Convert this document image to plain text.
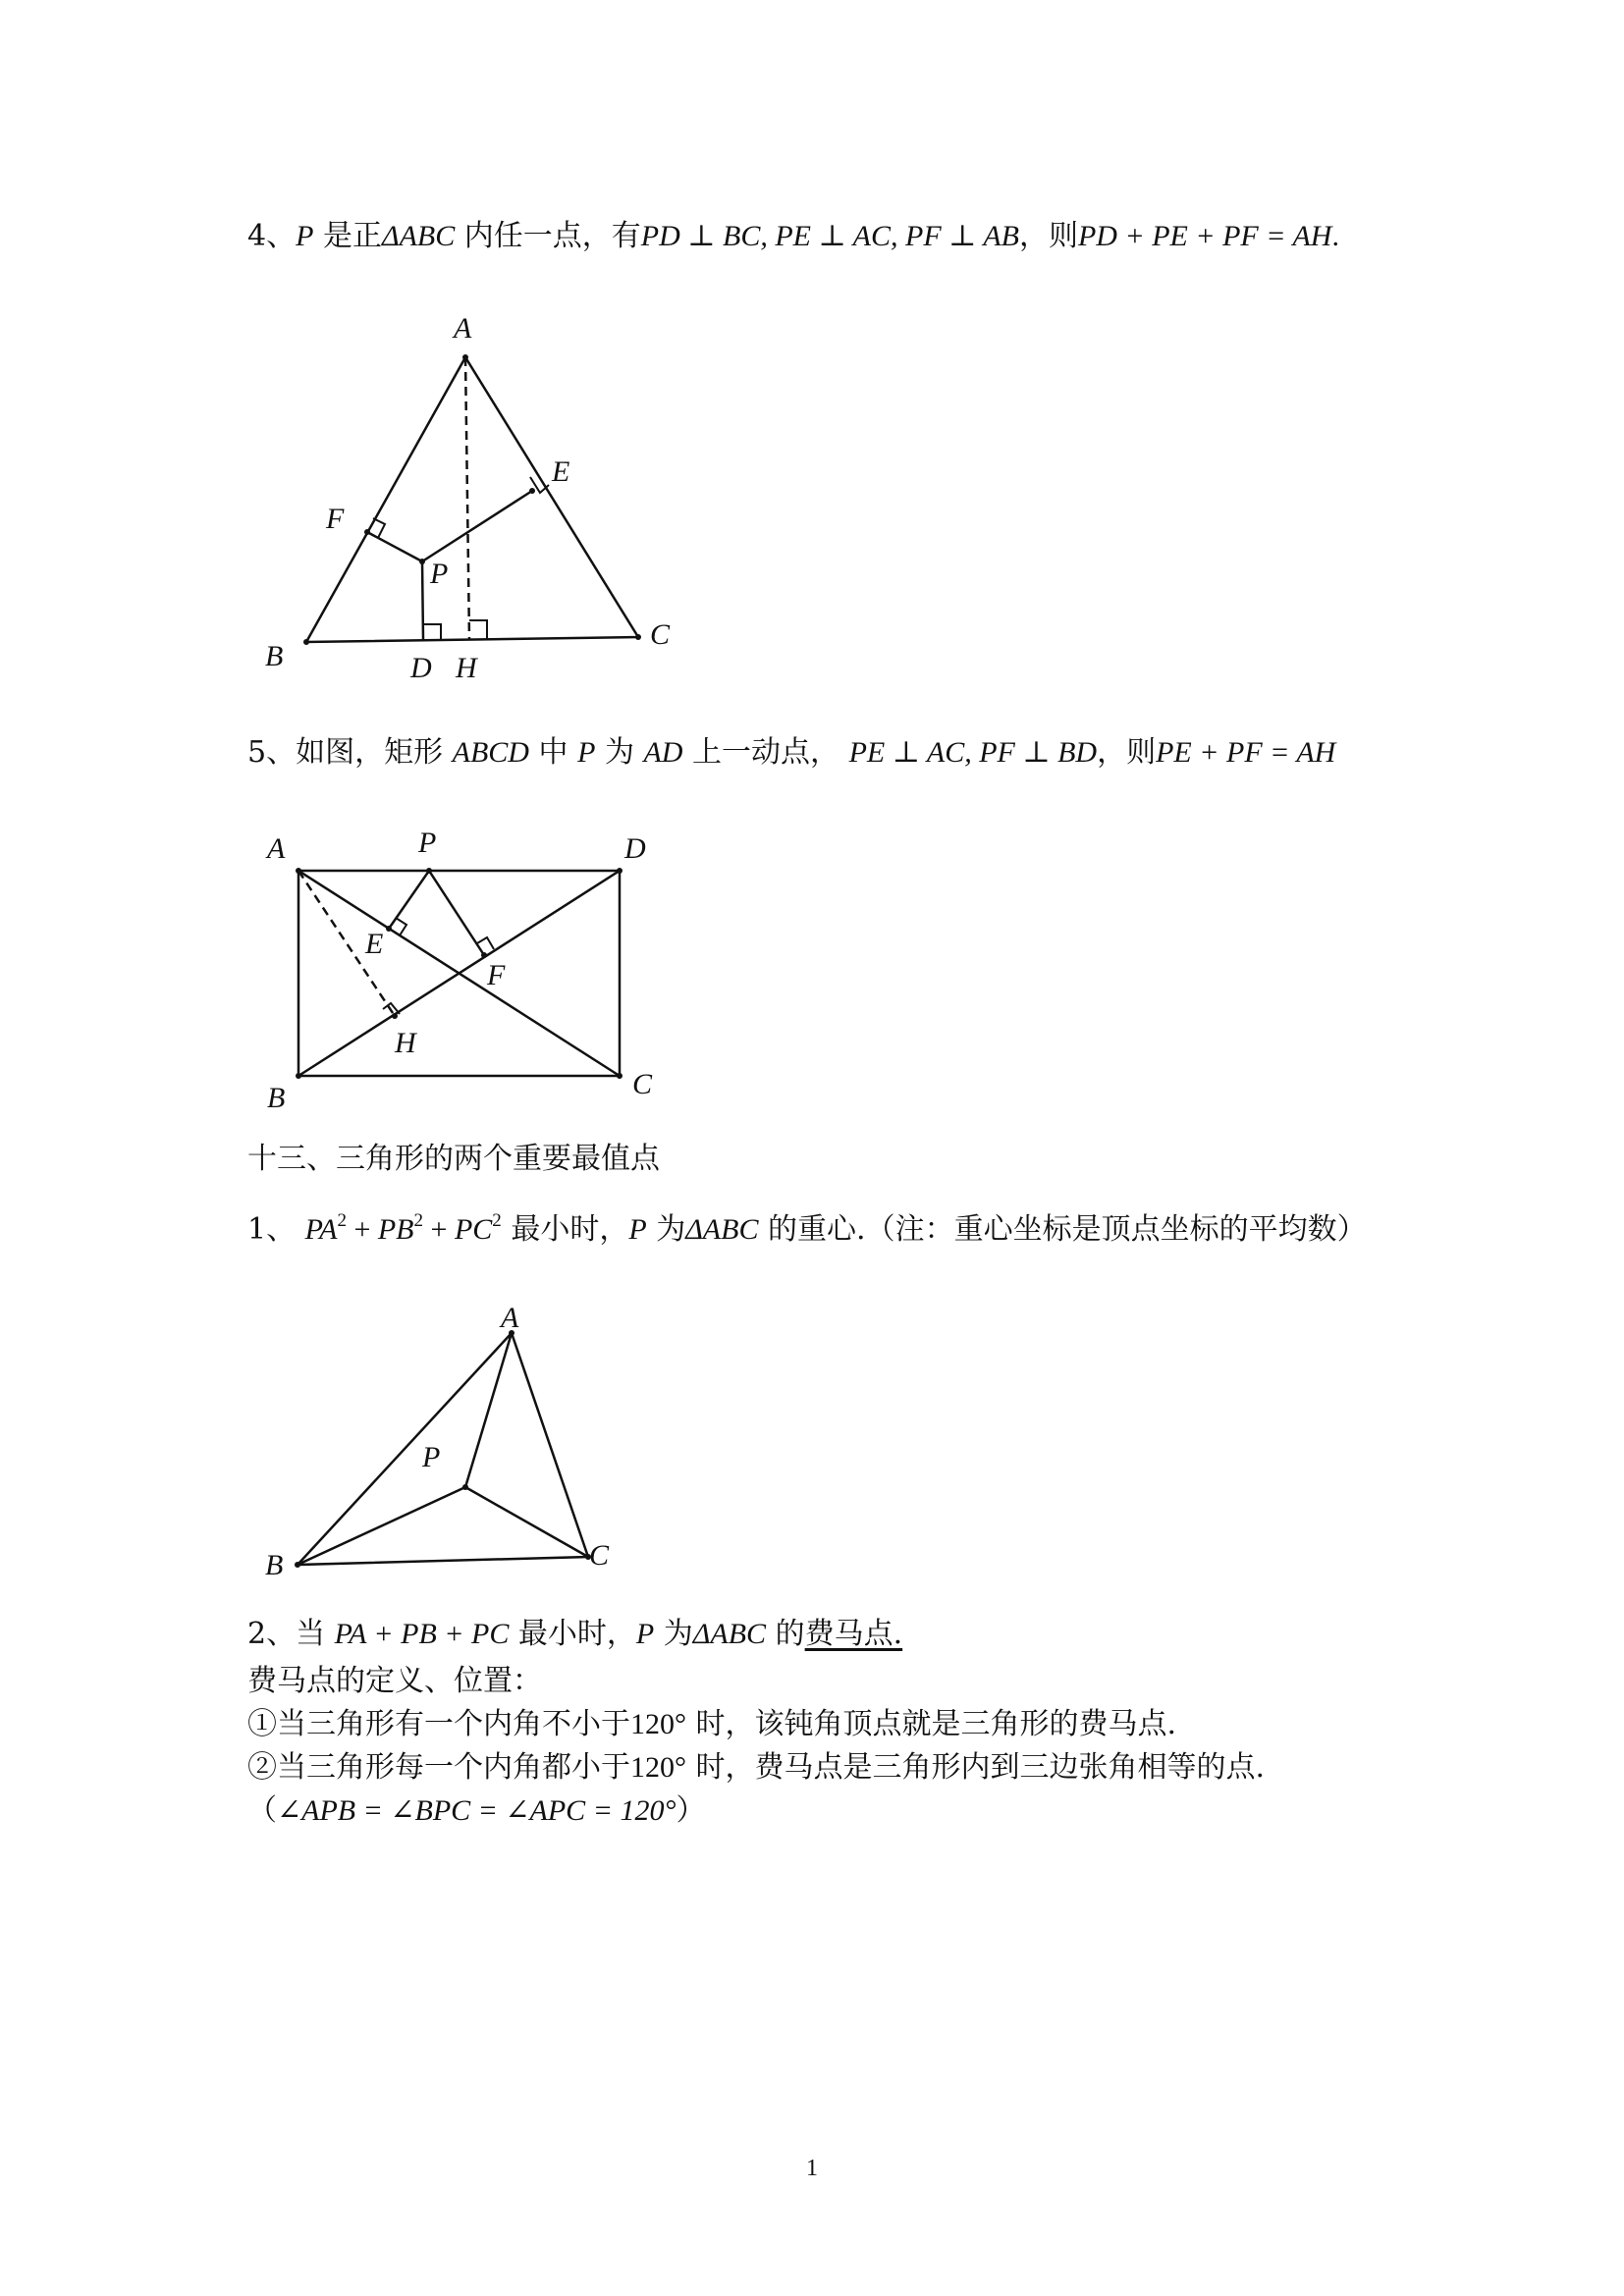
4、P 是正ΔABC 内任一点，有PD ⊥ BC, PE ⊥ AC, PF ⊥ AB，则PD + PE + PF = AH.
A
B
C
D
E
F
H
P
5、如图，矩形 ABCD 中 P 为 AD 上一动点， PE ⊥ AC, PF ⊥ BD，则PE + PF = AH
A
B	C
D
E
F
H
P
十三、三角形的两个重要最值点
1、 $PA^2 + PB^2 + PC^2$ 最小时，P 为ΔABC 的重心.（注：重心坐标是顶点坐标的平均数）
A
B	C
P
2、当 PA + PB + PC 最小时，P 为ΔABC 的费马点.
费马点的定义、位置：
①当三角形有一个内角不小于120° 时，该钝角顶点就是三角形的费马点.
②当三角形每一个内角都小于120° 时，费马点是三角形内到三边张角相等的点.
（∠APB = ∠BPC = ∠APC = 120°）
1
